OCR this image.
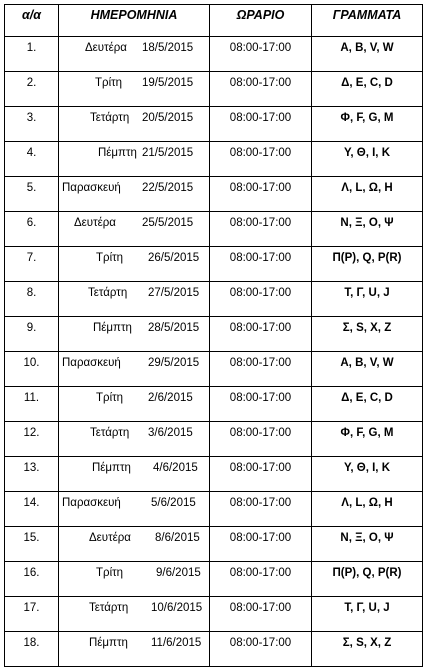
α/α	ΗΜΕΡΟΜΗΝΙΑ	ΩΡΑΡΙΟ	ΓΡΑΜΜΑΤΑ
1.	Δευτέρα 18/5/2015	08:00-17:00	A, B, V, W
2.	Τρίτη 19/5/2015	08:00-17:00	Δ, E, C, D
3.	Τετάρτη 20/5/2015	08:00-17:00	Φ, F, G, M
4.	Πέμπτη 21/5/2015	08:00-17:00	Y, Θ, I, K
5.	Παρασκευή 22/5/2015	08:00-17:00	Λ, L, Ω, H
6.	Δευτέρα 25/5/2015	08:00-17:00	N, Ξ, O, Ψ
7.	Τρίτη 26/5/2015	08:00-17:00	Π(P), Q, P(R)
8.	Τετάρτη 27/5/2015	08:00-17:00	T, Γ, U, J
9.	Πέμπτη 28/5/2015	08:00-17:00	Σ, S, X, Z
10.	Παρασκευή 29/5/2015	08:00-17:00	A, B, V, W
11.	Τρίτη 2/6/2015	08:00-17:00	Δ, E, C, D
12.	Τετάρτη 3/6/2015	08:00-17:00	Φ, F, G, M
13.	Πέμπτη 4/6/2015	08:00-17:00	Y, Θ, I, K
14.	Παρασκευή 5/6/2015	08:00-17:00	Λ, L, Ω, H
15.	Δευτέρα 8/6/2015	08:00-17:00	N, Ξ, O, Ψ
16.	Τρίτη 9/6/2015	08:00-17:00	Π(P), Q, P(R)
17.	Τετάρτη 10/6/2015	08:00-17:00	T, Γ, U, J
18.	Πέμπτη 11/6/2015	08:00-17:00	Σ, S, X, Z
